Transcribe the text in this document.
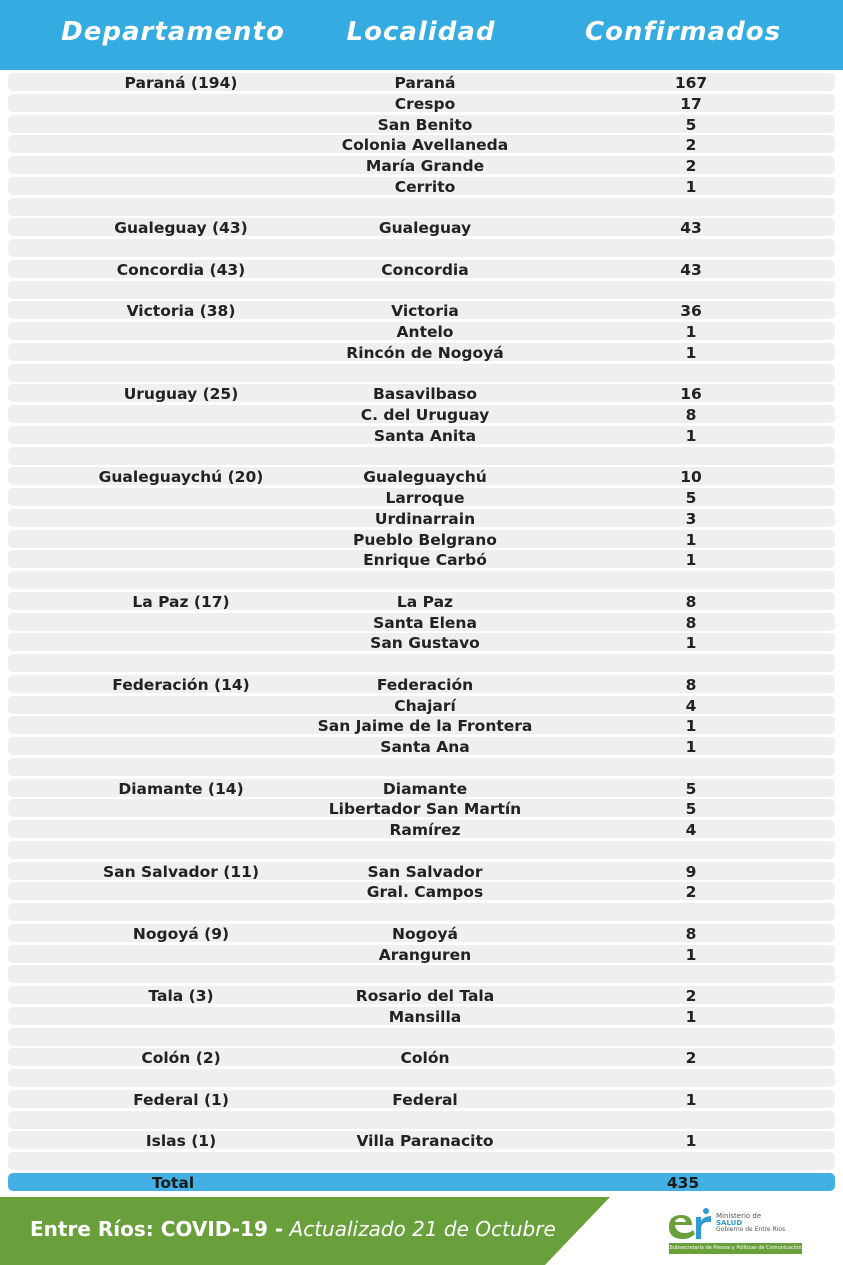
Departamento Localidad	Confirmados
Paraná (194)	Paraná	167
Crespo	17
San Benito	5
Colonia Avellaneda	2
María Grande	2
Cerrito	1
Gualeguay (43)	Gualeguay	43
Concordia (43)	Concordia	43
Victoria (38)	Victoria	36
Antelo	1
Rincón de Nogoyá	1
Uruguay (25)	Basavilbaso	16
C. del Uruguay	8
Santa Anita	1
Gualeguaychú (20)	Gualeguaychú	10
Larroque	5
Urdinarrain	3
Pueblo Belgrano	1
Enrique Carbó	1
La Paz (17)	La Paz	8
Santa Elena	8
San Gustavo	1
Federación (14)	Federación	8
Chajarí	4
San Jaime de la Frontera	1
Santa Ana	1
Diamante (14)	Diamante	5
Libertador San Martín	5
Ramírez	4
San Salvador (11)	San Salvador	9
Gral. Campos	2
Nogoyá (9)	Nogoyá	8
Aranguren	1
Tala (3)	Rosario del Tala	2
Mansilla	1
Colón (2)	Colón	2
Federal (1)	Federal	1
Islas (1)	Villa Paranacito	1
Total	435
Entre Ríos: COVID-19 - Actualizado 21 de Octubre
Ministerio de
SALUD
Gobierno de Entre Ríos
Subsecretaría de Prensa y Políticas de Comunicación
